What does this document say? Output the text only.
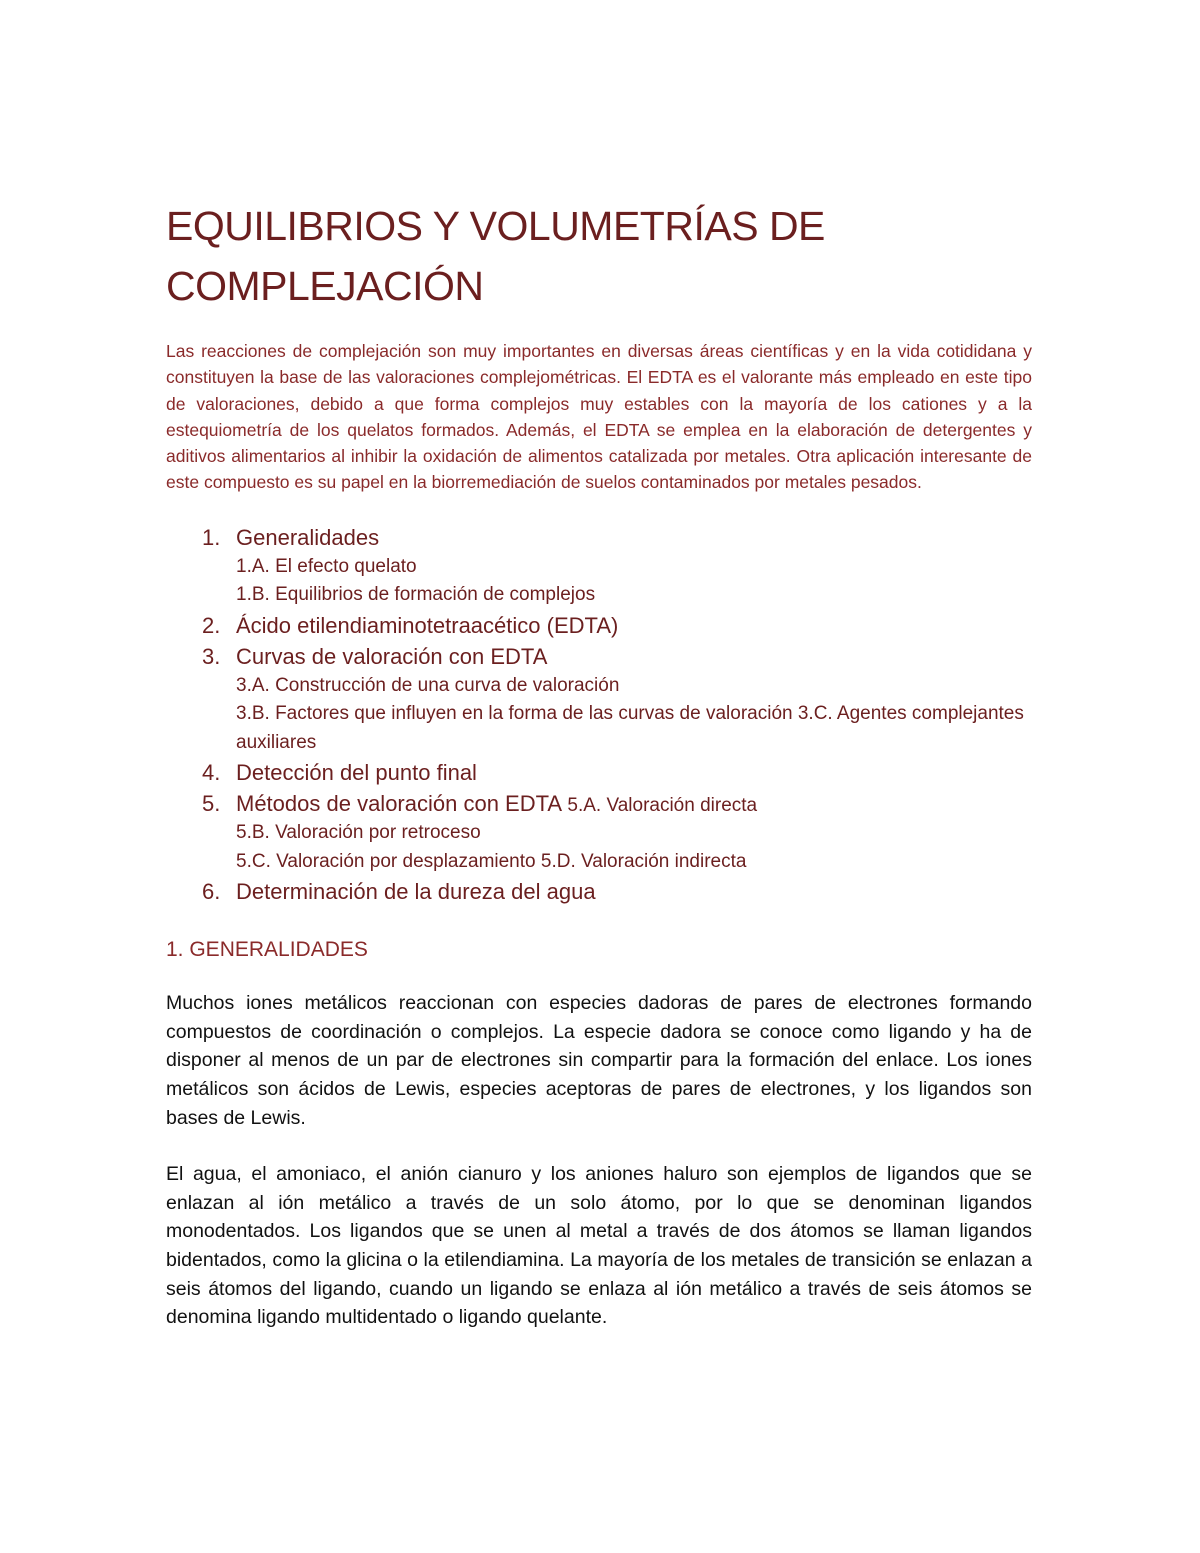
EQUILIBRIOS Y VOLUMETRÍAS DE
COMPLEJACIÓN

Las reacciones de complejación son muy importantes en diversas áreas científicas y en la vida cotididana y constituyen la base de las valoraciones complejométricas. El EDTA es el valorante más empleado en este tipo de valoraciones, debido a que forma complejos muy estables con la mayoría de los cationes y a la estequiometría de los quelatos formados. Además, el EDTA se emplea en la elaboración de detergentes y aditivos alimentarios al inhibir la oxidación de alimentos catalizada por metales. Otra aplicación interesante de este compuesto es su papel en la biorremediación de suelos contaminados por metales pesados.

1. Generalidades
1.A. El efecto quelato
1.B. Equilibrios de formación de complejos
2. Ácido etilendiaminotetraacético (EDTA)
3. Curvas de valoración con EDTA
3.A. Construcción de una curva de valoración
3.B. Factores que influyen en la forma de las curvas de valoración 3.C. Agentes complejantes auxiliares
4. Detección del punto final
5. Métodos de valoración con EDTA 5.A. Valoración directa
5.B. Valoración por retroceso
5.C. Valoración por desplazamiento 5.D. Valoración indirecta
6. Determinación de la dureza del agua
1. GENERALIDADES

Muchos iones metálicos reaccionan con especies dadoras de pares de electrones formando compuestos de coordinación o complejos. La especie dadora se conoce como ligando y ha de disponer al menos de un par de electrones sin compartir para la formación del enlace. Los iones metálicos son ácidos de Lewis, especies aceptoras de pares de electrones, y los ligandos son bases de Lewis.

El agua, el amoniaco, el anión cianuro y los aniones haluro son ejemplos de ligandos que se enlazan al ión metálico a través de un solo átomo, por lo que se denominan ligandos monodentados. Los ligandos que se unen al metal a través de dos átomos se llaman ligandos bidentados, como la glicina o la etilendiamina. La mayoría de los metales de transición se enlazan a seis átomos del ligando, cuando un ligando se enlaza al ión metálico a través de seis átomos se denomina ligando multidentado o ligando quelante.
